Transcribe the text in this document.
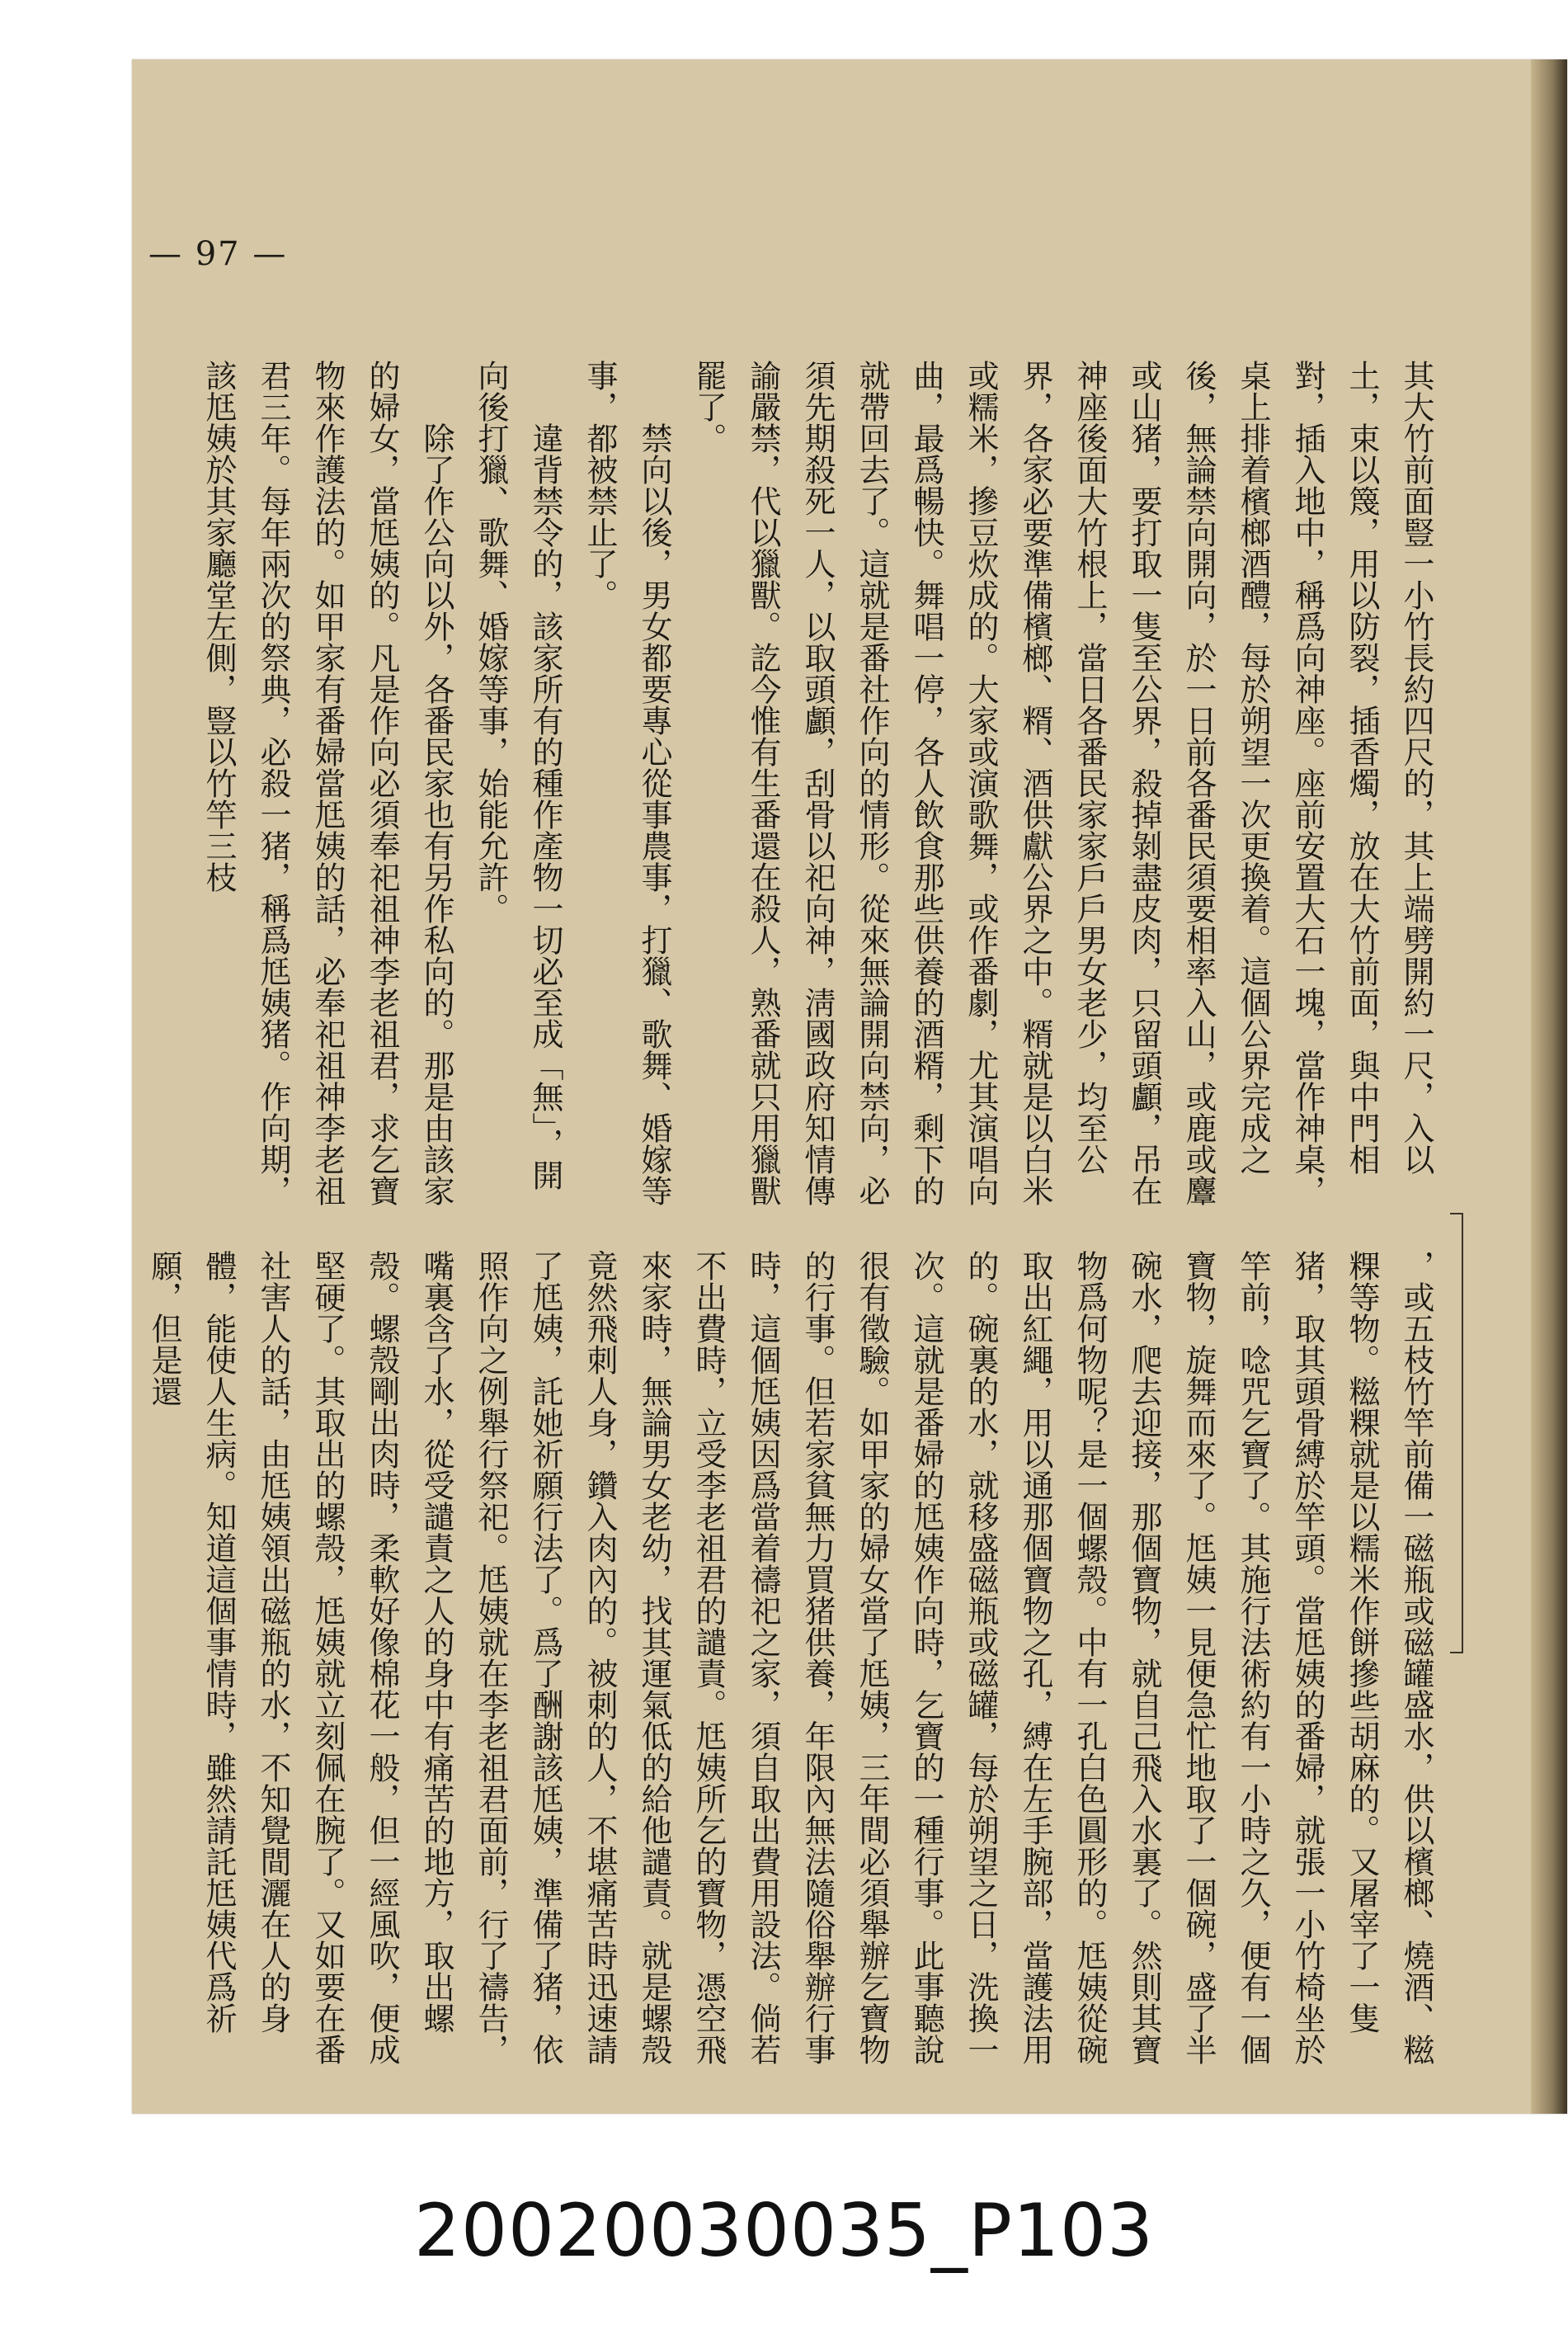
— 97 —

其大竹前面豎一小竹長約四尺的，其上端劈開約一尺，入以土，束以篾，用以防裂，插香燭，放在大竹前面，與中門相對，插入地中，稱爲向神座。座前安置大石一塊，當作神桌，桌上排着檳榔酒醴，每於朔望一次更換着。這個公界完成之後，無論禁向開向，於一日前各番民須要相率入山，或鹿或麞或山猪，要打取一隻至公界，殺掉剝盡皮肉，只留頭顱，吊在神座後面大竹根上，當日各番民家家戶戶男女老少，均至公界，各家必要準備檳榔、糈、酒供獻公界之中。糈就是以白米或糯米，摻豆炊成的。大家或演歌舞，或作番劇，尤其演唱向曲，最爲暢快。舞唱一停，各人飲食那些供養的酒糈，剩下的就帶回去了。這就是番社作向的情形。從來無論開向禁向，必須先期殺死一人，以取頭顱，刮骨以祀向神，淸國政府知情傳諭嚴禁，代以獵獸。訖今惟有生番還在殺人，熟番就只用獵獸罷了。

禁向以後，男女都要專心從事農事，打獵、歌舞、婚嫁等事，都被禁止了。

違背禁令的，該家所有的種作產物一切必至成「無」，開向後打獵、歌舞、婚嫁等事，始能允許。

除了作公向以外，各番民家也有另作私向的。那是由該家的婦女，當尪姨的。凡是作向必須奉祀祖神李老祖君，求乞寶物來作護法的。如甲家有番婦當尪姨的話，必奉祀祖神李老祖君三年。每年兩次的祭典，必殺一猪，稱爲尪姨猪。作向期，該尪姨於其家廳堂左側，豎以竹竿三枝

，或五枝竹竿前備一磁瓶或磁罐盛水，供以檳榔、燒酒、糍粿等物。糍粿就是以糯米作餅摻些胡麻的。又屠宰了一隻猪，取其頭骨縛於竿頭。當尪姨的番婦，就張一小竹椅坐於竿前，唸咒乞寶了。其施行法術約有一小時之久，便有一個寶物，旋舞而來了。尪姨一見便急忙地取了一個碗，盛了半碗水，爬去迎接，那個寶物，就自己飛入水裏了。然則其寶物爲何物呢？是一個螺殼。中有一孔白色圓形的。尪姨從碗取出紅繩，用以通那個寶物之孔，縛在左手腕部，當護法用的。碗裏的水，就移盛磁瓶或磁罐，每於朔望之日，洗換一次。這就是番婦的尪姨作向時，乞寶的一種行事。此事聽說很有徵驗。如甲家的婦女當了尪姨，三年間必須舉辦乞寶物的行事。但若家貧無力買猪供養，年限內無法隨俗舉辦行事時，這個尪姨因爲當着禱祀之家，須自取出費用設法。倘若不出費時，立受李老祖君的譴責。尪姨所乞的寶物，憑空飛來家時，無論男女老幼，找其運氣低的給他譴責。就是螺殼竟然飛刺人身，鑽入肉內的。被刺的人，不堪痛苦時迅速請了尪姨，託她祈願行法了。爲了酬謝該尪姨，準備了猪，依照作向之例舉行祭祀。尪姨就在李老祖君面前，行了禱告，嘴裏含了水，從受譴責之人的身中有痛苦的地方，取出螺殼。螺殼剛出肉時，柔軟好像棉花一般，但一經風吹，便成堅硬了。其取出的螺殼，尪姨就立刻佩在腕了。又如要在番社害人的話，由尪姨領出磁瓶的水，不知覺間灑在人的身體，能使人生病。知道這個事情時，雖然請託尪姨代爲祈願，但是還

20020030035_P103
